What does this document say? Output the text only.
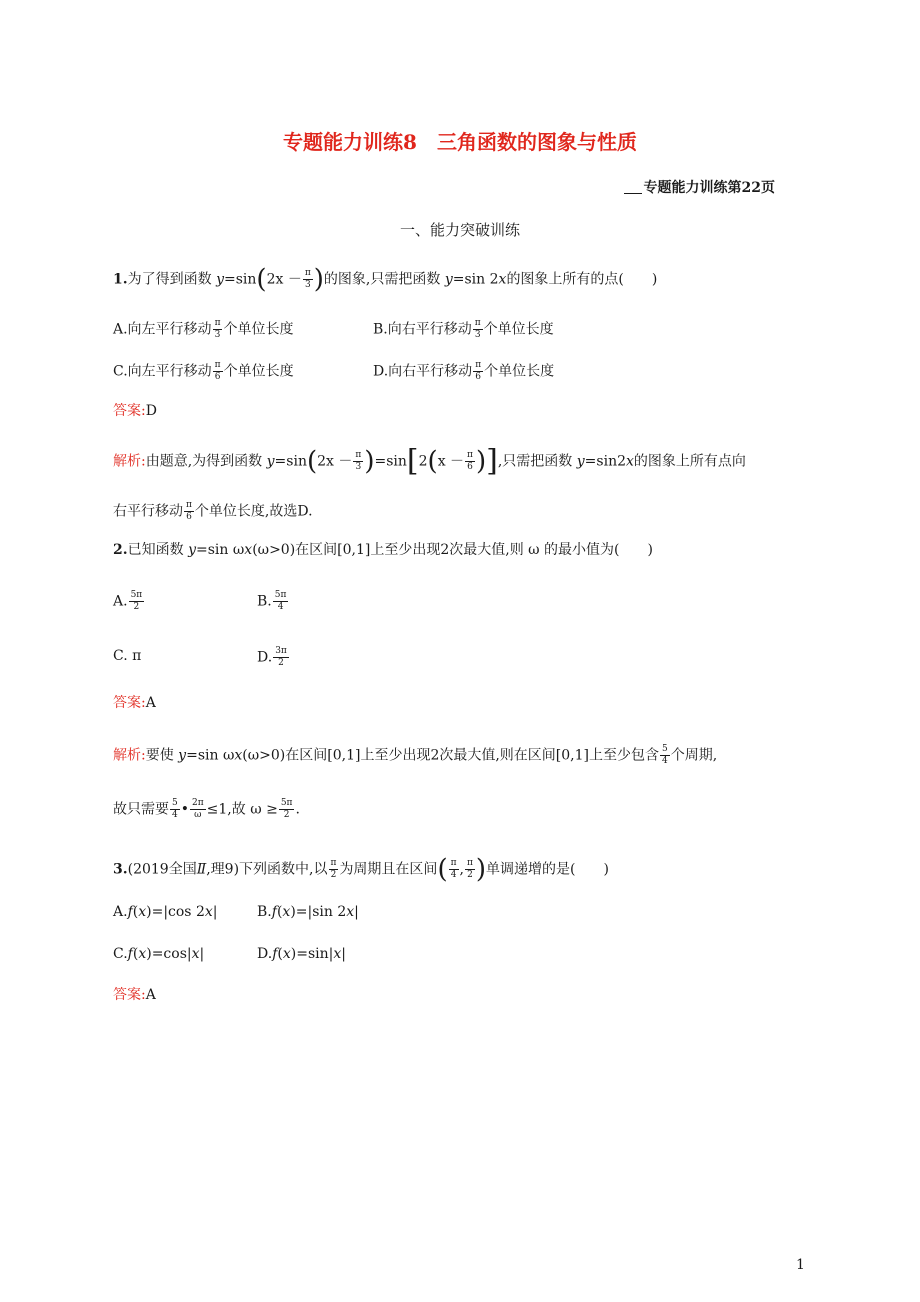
专题能力训练8　三角函数的图象与性质
专题能力训练第22页
一、能力突破训练
1.为了得到函数 $y=\sin(2x - \frac{\pi}{3}$ )的图象,只需把函数 y=sin 2x的图象上所有的点(　　)
A.向左平行移动 $\frac{\pi}{3}$ 个单位长度	B.向右平行移动 $\frac{\pi}{3}$ 个单位长度
C.向左平行移动 $\frac{\pi}{6}$ 个单位长度	D.向右平行移动 $\frac{\pi}{6}$ 个单位长度
答案:D
解析:由题意,为得到函数 $y=\sin(2x - \frac{\pi}{3} )=\sin[2(x - \frac{\pi}{6}$ )],只需把函数 y=sin2x的图象上所有点向
右平行移动 $\frac{\pi}{6}$ 个单位长度,故选D.
2.已知函数 y=sin ωx(ω>0)在区间[0,1]上至少出现2次最大值,则 ω 的最小值为(　　)
A. $\frac{5\pi}{2}$	B. $\frac{5\pi}{4}$
C. π	D. $\frac{3\pi}{2}$
答案:A
解析:要使 y=sin ωx(ω>0)在区间[0,1]上至少出现2次最大值,则在区间[0,1]上至少包含 $\frac{5}{4}$ 个周期,
故只需要 $\frac{5}{4}$ • $\frac{2\pi}{\omega} \le 1$,故 $\omega \ge \frac{5\pi}{2}$ .
3.(2019全国Ⅱ,理9)下列函数中,以 $\frac{\pi}{2}$ 为周期且在区间( $\frac{\pi}{4}$ , $\frac{\pi}{2}$ )单调递增的是(　　)
A.f(x)=|cos 2x|	B.f(x)=|sin 2x|
C.f(x)=cos|x|	D.f(x)=sin|x|
答案:A
1
